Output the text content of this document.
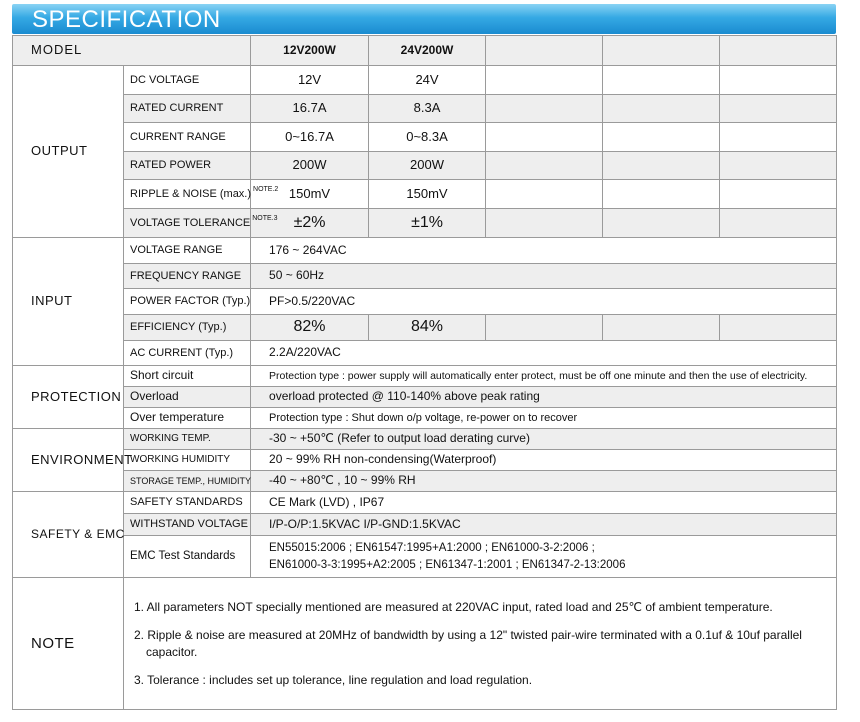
SPECIFICATION
MODEL		12V200W	24V200W			
OUTPUT	DC VOLTAGE	12V	24V			
	RATED CURRENT	16.7A	8.3A			
	CURRENT RANGE	0~16.7A	0~8.3A			
	RATED POWER	200W	200W			
	RIPPLE & NOISE (max.) $^{NOTE.2}$	150mV	150mV			
	VOLTAGE TOLERANCE $^{NOTE.3}$	±2%	±1%			
INPUT	VOLTAGE RANGE	176 ~ 264VAC				
	FREQUENCY RANGE	50 ~ 60Hz				
	POWER FACTOR (Typ.)	PF>0.5/220VAC				
	EFFICIENCY (Typ.)	82%	84%			
	AC CURRENT (Typ.)	2.2A/220VAC				
PROTECTION	Short circuit	Protection type : power supply will automatically enter protect, must be off one minute and then the use of electricity.				
	Overload	overload protected @ 110-140% above peak rating				
	Over temperature	Protection type : Shut down o/p voltage, re-power on to recover				
ENVIRONMENT	WORKING TEMP.	-30 ~ +50℃ (Refer to output load derating curve)				
	WORKING HUMIDITY	20 ~ 99% RH non-condensing(Waterproof)				
	STORAGE TEMP., HUMIDITY	-40 ~ +80℃ , 10 ~ 99% RH				
SAFETY & EMC	SAFETY STANDARDS	CE Mark (LVD) , IP67				
	WITHSTAND VOLTAGE	I/P-O/P:1.5KVAC I/P-GND:1.5KVAC				
	EMC Test Standards	EN55015:2006 ; EN61547:1995+A1:2000 ; EN61000-3-2:2006 ;
EN61000-3-3:1995+A2:2005 ; EN61347-1:2001 ; EN61347-2-13:2006				

NOTE	1. All parameters NOT specially mentioned are measured at 220VAC input, rated load and 25℃ of ambient temperature.

2. Ripple & noise are measured at 20MHz of bandwidth by using a 12" twisted pair-wire terminated with a 0.1uf & 10uf parallel
capacitor.

3. Tolerance : includes set up tolerance, line regulation and load regulation.					
